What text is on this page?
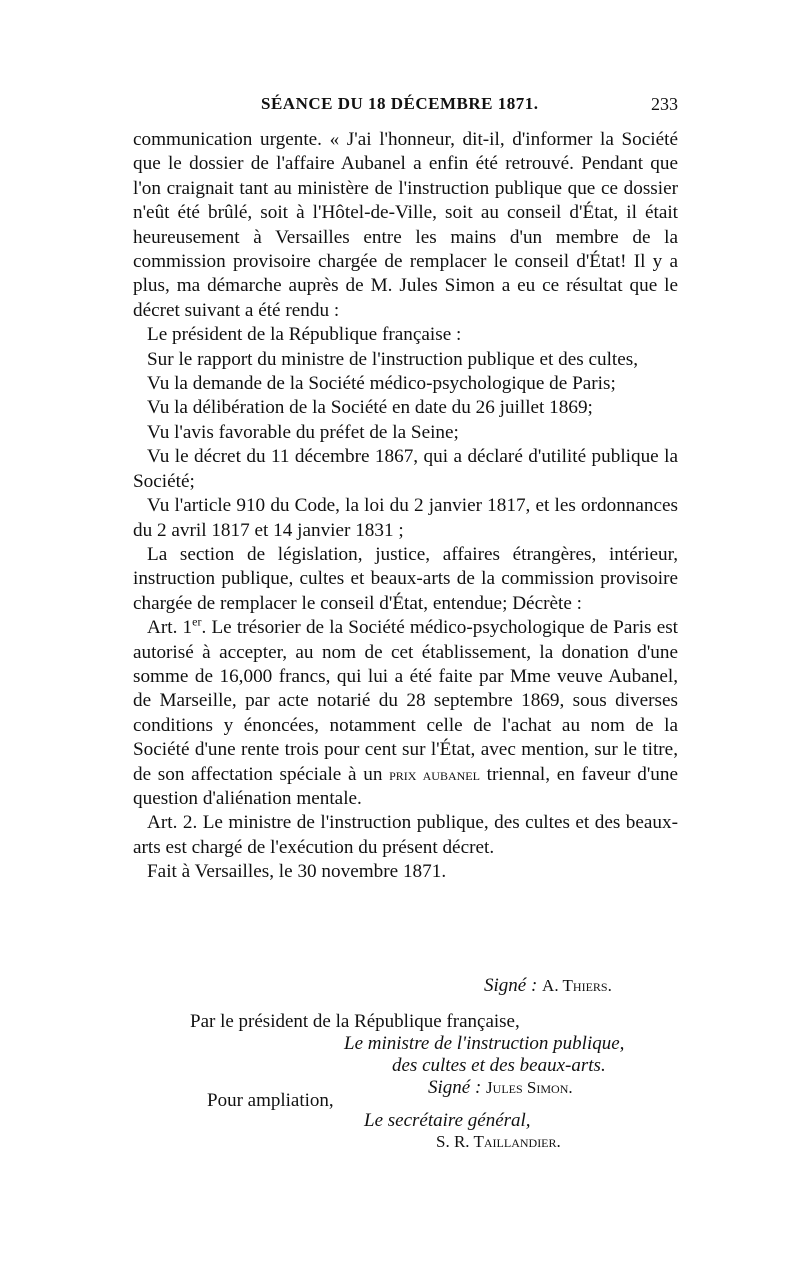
SÉANCE DU 18 DÉCEMBRE 1871.	233

communication urgente. « J'ai l'honneur, dit-il, d'informer la Société que le dossier de l'affaire Aubanel a enfin été retrouvé. Pendant que l'on craignait tant au ministère de l'instruction publique que ce dossier n'eût été brûlé, soit à l'Hôtel-de-Ville, soit au conseil d'État, il était heureusement à Versailles entre les mains d'un membre de la commission provisoire chargée de remplacer le conseil d'État! Il y a plus, ma démarche auprès de M. Jules Simon a eu ce résultat que le décret suivant a été rendu :

Le président de la République française :

Sur le rapport du ministre de l'instruction publique et des cultes,

Vu la demande de la Société médico-psychologique de Paris;

Vu la délibération de la Société en date du 26 juillet 1869;

Vu l'avis favorable du préfet de la Seine;

Vu le décret du 11 décembre 1867, qui a déclaré d'utilité publique la Société;

Vu l'article 910 du Code, la loi du 2 janvier 1817, et les ordonnances du 2 avril 1817 et 14 janvier 1831 ;

La section de législation, justice, affaires étrangères, intérieur, instruction publique, cultes et beaux-arts de la commission provisoire chargée de remplacer le conseil d'État, entendue; Décrète :

Art. 1er. Le trésorier de la Société médico-psychologique de Paris est autorisé à accepter, au nom de cet établissement, la donation d'une somme de 16,000 francs, qui lui a été faite par Mme veuve Aubanel, de Marseille, par acte notarié du 28 septembre 1869, sous diverses conditions y énoncées, notamment celle de l'achat au nom de la Société d'une rente trois pour cent sur l'État, avec mention, sur le titre, de son affectation spéciale à un prix aubanel triennal, en faveur d'une question d'aliénation mentale.

Art. 2. Le ministre de l'instruction publique, des cultes et des beaux-arts est chargé de l'exécution du présent décret.

Fait à Versailles, le 30 novembre 1871.

Signé : A. Thiers.
Par le président de la République française,
Le ministre de l'instruction publique,
des cultes et des beaux-arts.
Signé : Jules Simon.
Pour ampliation,
Le secrétaire général,
S. R. Taillandier.
